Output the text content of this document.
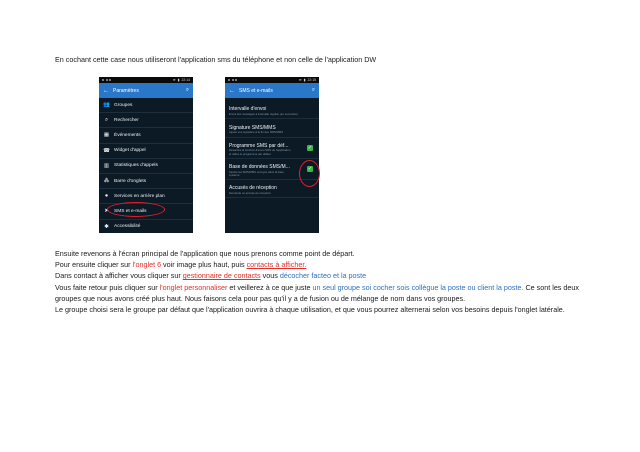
En cochant cette case nous utiliseront l'application sms du téléphone et non celle de l'application DW
≋ ▮ 22:14
← Paramètres	⌕
👥 Groupes
⌕	Rechercher
▦ Événements
☎ Widget d'appel
▥ Statistiques d'appels
⁂ Barre d'onglets
●	Services en arrière plan
➤ SMS et e-mails
✱ Accessibilité
≋ ▮ 22:15
← SMS et e-mails	⌕
Intervalle d'envoi
Envoi des messages à intervalle régulier (en secondes)
Signature SMS/MMS
Ajoute une signature à la fin des SMS/MMS
Programme SMS par déf...
Désactive la fonction d'envoi SMS de l'application et utilise le programme par défaut
✓
Base de données SMS/M...
Stocke les SMS/MMS envoyés dans la base système
✓
Accusés de réception
Demande un accusé de réception

Ensuite revenons à l'écran principal de l'application que nous prenons comme point de départ.

Pour ensuite cliquer sur l'onglet 6 voir image plus haut, puis contacts à afficher.

Dans contact à afficher vous cliquer sur gestionnaire de contacts vous décocher facteo et la poste

Vous faite retour puis cliquer sur l'onglet personnaliser et veillerez à ce que juste un seul groupe soi cocher sois collègue la poste ou client la poste. Ce sont les deux groupes que nous avons créé plus haut. Nous faisons cela pour pas qu'il y a de fusion ou de mélange de nom dans vos groupes.

Le groupe choisi sera le groupe par défaut que l'application ouvrira à chaque utilisation, et que vous pourrez alternerai selon vos besoins depuis l'onglet latérale.
